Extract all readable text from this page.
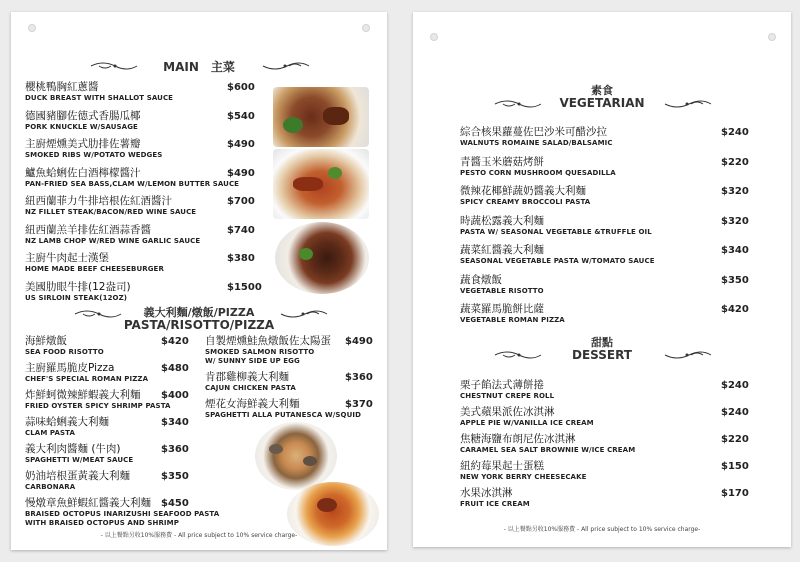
MAIN　主菜
櫻桃鴨胸紅蔥醬
DUCK BREAST WITH SHALLOT SAUCE
$600
德國豬腳佐德式香腸瓜椰
PORK KNUCKLE W/SAUSAGE
$540
主廚煙燻美式肋排佐薯瓣
SMOKED RIBS W/POTATO WEDGES
$490
鱸魚蛤蜊佐白酒檸檬醬汁
PAN-FRIED SEA BASS,CLAM W/LEMON BUTTER SAUCE
$490
紐西蘭菲力牛排培根佐紅酒醬汁
NZ FILLET STEAK/BACON/RED WINE SAUCE
$700
紐西蘭羔羊排佐紅酒蒜香醬
NZ LAMB CHOP W/RED WINE GARLIC SAUCE
$740
主廚牛肉起士漢堡
HOME MADE BEEF CHEESEBURGER
$380
美國肋眼牛排(12盎司)
US SIRLOIN STEAK(12OZ)
$1500
義大利麵/燉飯/PIZZA
PASTA/RISOTTO/PIZZA
海鮮燉飯
SEA FOOD RISOTTO
$420
主廚羅馬脆皮Pizza
CHEF'S SPECIAL ROMAN PIZZA
$480
炸鮮蚵微辣鮮蝦義大利麵
FRIED OYSTER SPICY SHRIMP PASTA
$400
蒜味蛤蜊義大利麵
CLAM PASTA
$340
義大利肉醬麵 (牛肉)
SPAGHETTI W/MEAT SAUCE
$360
奶油培根蛋黃義大利麵
CARBONARA
$350
慢燉章魚鮮蝦紅醬義大利麵
BRAISED OCTOPUS INARIZUSHI SEAFOOD PASTA
WITH BRAISED OCTOPUS AND SHRIMP
$450
自製煙燻鮭魚燉飯佐太陽蛋
SMOKED SALMON RISOTTO
W/ SUNNY SIDE UP EGG
$490
肯郡雞柳義大利麵
CAJUN CHICKEN PASTA
$360
煙花女海鮮義大利麵
SPAGHETTI ALLA PUTANESCA W/SQUID
$370
- 以上餐點另收10%服務費 - All price subject to 10% service charge-
素食
VEGETARIAN
綜合核果蘿蔓佐巴沙米可醋沙拉
WALNUTS ROMAINE SALAD/BALSAMIC
$240
青醬玉米蘑菇烤餅
PESTO CORN MUSHROOM QUESADILLA
$220
微辣花椰鮮蔬奶醬義大利麵
SPICY CREAMY BROCCOLI PASTA
$320
時蔬松露義大利麵
PASTA W/ SEASONAL VEGETABLE &TRUFFLE OIL
$320
蔬菜紅醬義大利麵
SEASONAL VEGETABLE PASTA W/TOMATO SAUCE
$340
蔬食燉飯
VEGETABLE RISOTTO
$350
蔬菜羅馬脆餅比薩
VEGETABLE ROMAN PIZZA
$420
甜點
DESSERT
栗子餡法式薄餅捲
CHESTNUT CREPE ROLL
$240
美式蘋果派佐冰淇淋
APPLE PIE W/VANILLA ICE CREAM
$240
焦糖海鹽布朗尼佐冰淇淋
CARAMEL SEA SALT BROWNIE W/ICE CREAM
$220
紐約莓果起士蛋糕
NEW YORK BERRY CHEESECAKE
$150
水果冰淇淋
FRUIT ICE CREAM
$170
- 以上餐點另收10%服務費 - All price subject to 10% service charge-
